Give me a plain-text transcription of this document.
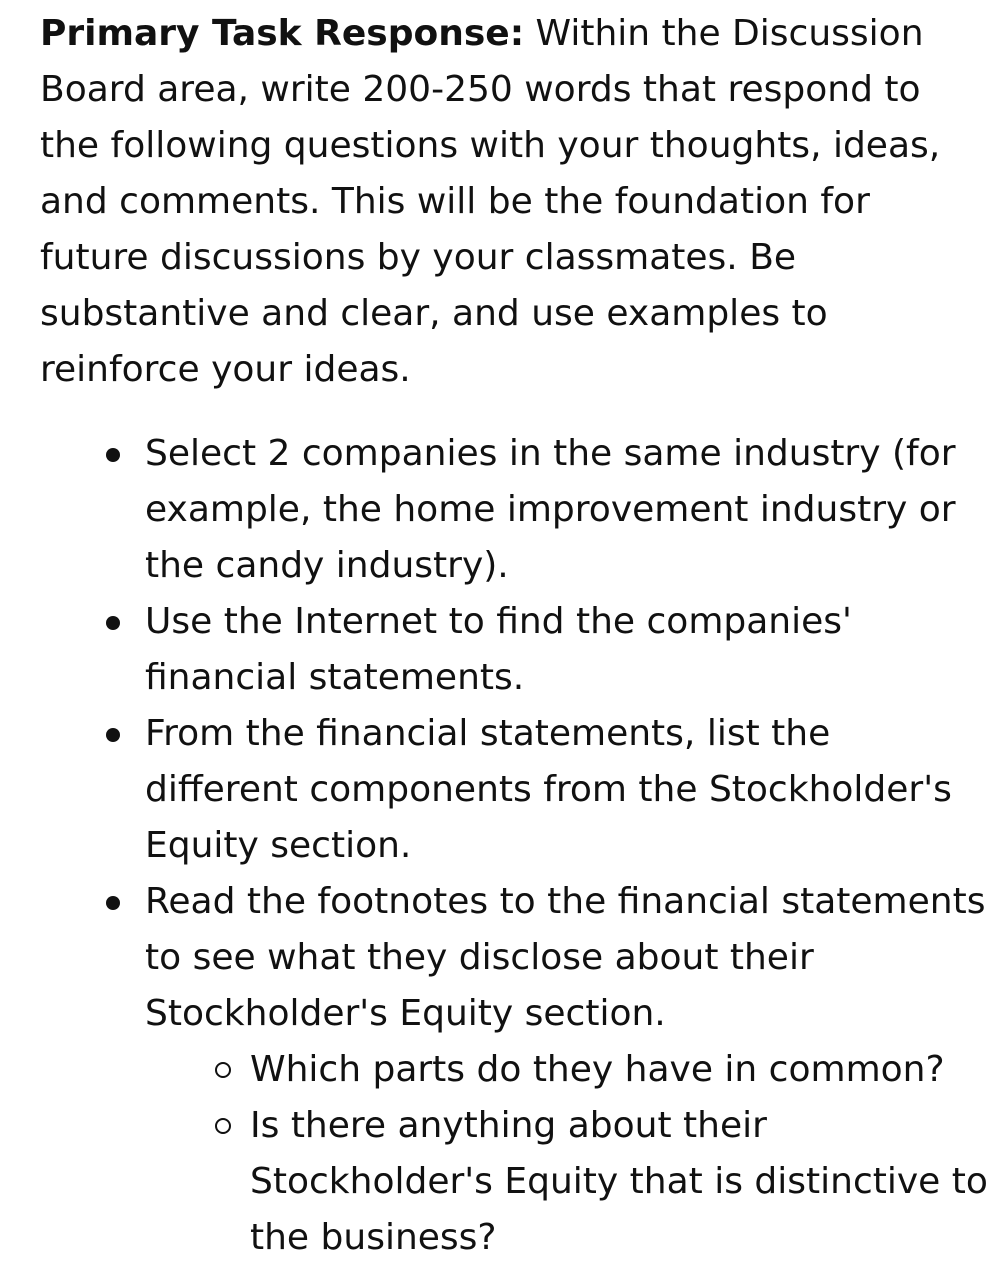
Primary Task Response: Within the Discussion
Board area, write 200-250 words that respond to
the following questions with your thoughts, ideas,
and comments. This will be the foundation for
future discussions by your classmates. Be
substantive and clear, and use examples to
reinforce your ideas.

Select 2 companies in the same industry (for
example, the home improvement industry or
the candy industry).
Use the Internet to find the companies'
financial statements.
From the financial statements, list the
different components from the Stockholder's
Equity section.
Read the footnotes to the financial statements
to see what they disclose about their
Stockholder's Equity section.
Which parts do they have in common?
Is there anything about their
Stockholder's Equity that is distinctive to
the business?
